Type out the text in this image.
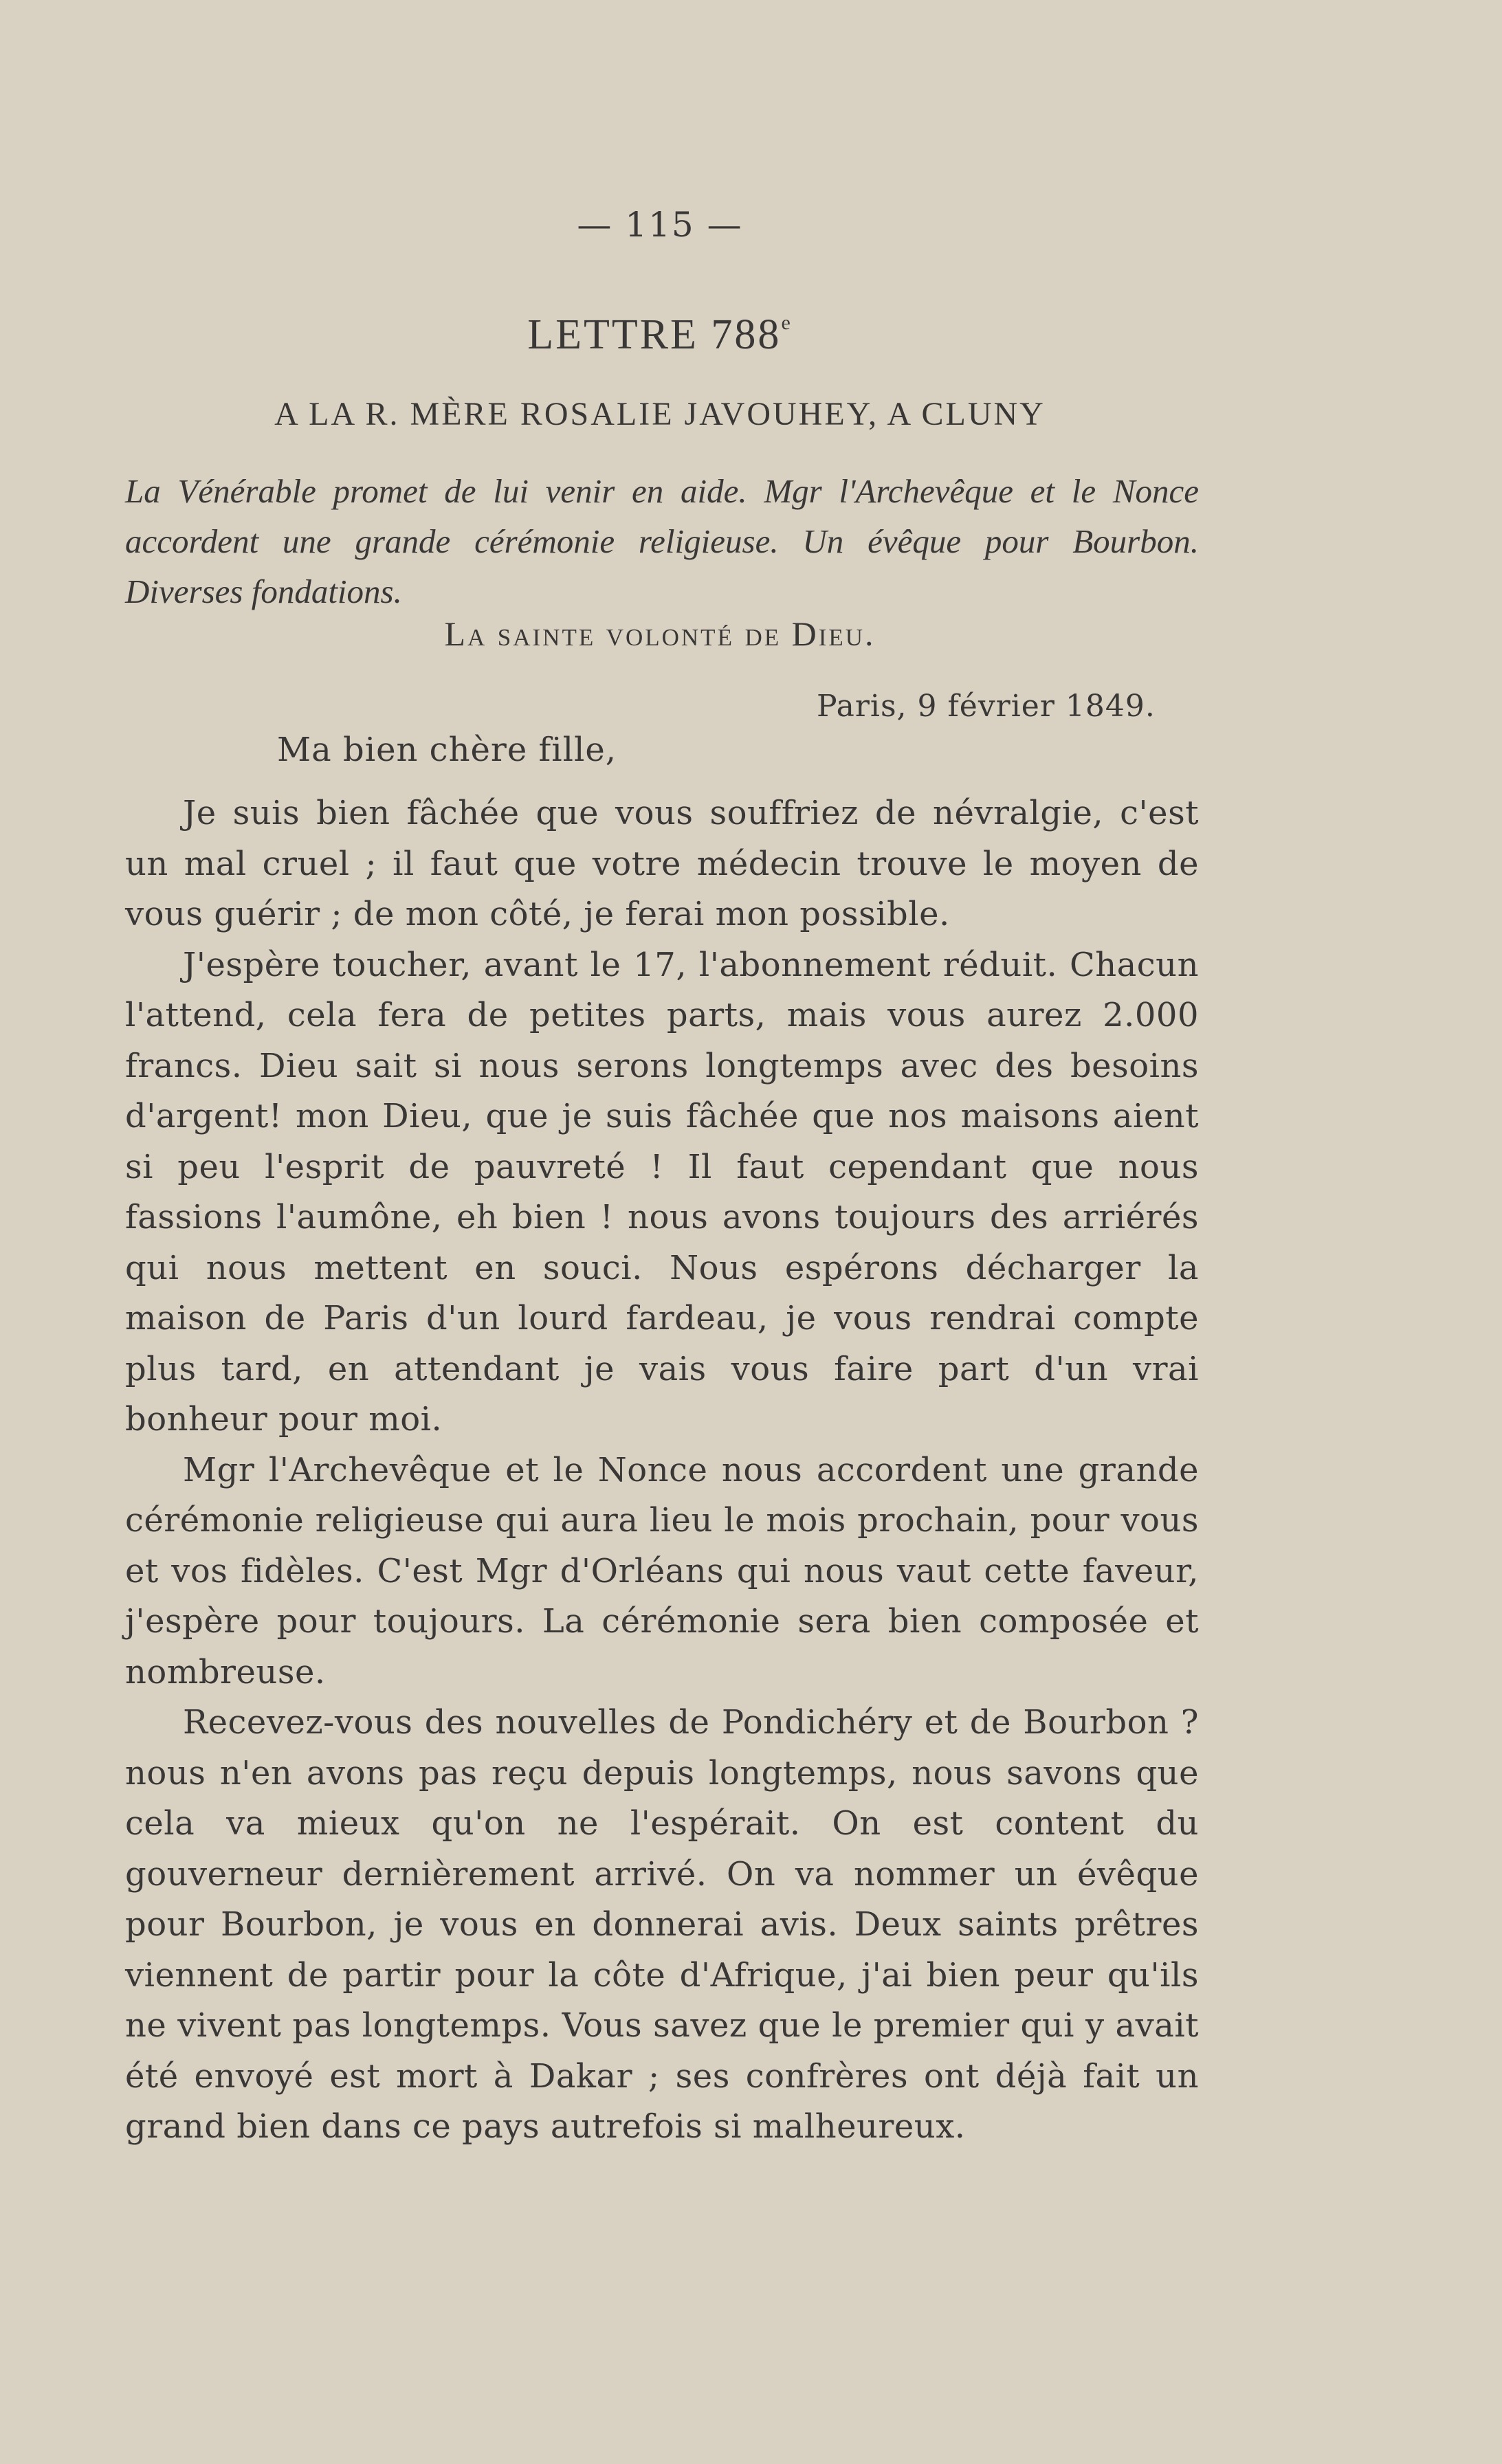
— 115 —
LETTRE 788e
A LA R. MÈRE ROSALIE JAVOUHEY, A CLUNY
La Vénérable promet de lui venir en aide. Mgr l'Archevêque et le Nonce accordent une grande cérémonie religieuse. Un évêque pour Bourbon. Diverses fondations.
La sainte volonté de Dieu.
Paris, 9 février 1849.
Ma bien chère fille,

Je suis bien fâchée que vous souffriez de névralgie, c'est un mal cruel ; il faut que votre médecin trouve le moyen de vous guérir ; de mon côté, je ferai mon possible.

J'espère toucher, avant le 17, l'abonnement réduit. Chacun l'attend, cela fera de petites parts, mais vous aurez 2.000 francs. Dieu sait si nous serons longtemps avec des besoins d'argent! mon Dieu, que je suis fâchée que nos maisons aient si peu l'esprit de pauvreté ! Il faut cependant que nous fassions l'aumône, eh bien ! nous avons toujours des arriérés qui nous mettent en souci. Nous espérons décharger la maison de Paris d'un lourd fardeau, je vous rendrai compte plus tard, en attendant je vais vous faire part d'un vrai bonheur pour moi.

Mgr l'Archevêque et le Nonce nous accordent une grande cérémonie religieuse qui aura lieu le mois prochain, pour vous et vos fidèles. C'est Mgr d'Orléans qui nous vaut cette faveur, j'espère pour toujours. La cérémonie sera bien composée et nombreuse.

Recevez-vous des nouvelles de Pondichéry et de Bourbon ? nous n'en avons pas reçu depuis longtemps, nous savons que cela va mieux qu'on ne l'espérait. On est content du gouverneur dernièrement arrivé. On va nommer un évêque pour Bourbon, je vous en donnerai avis. Deux saints prêtres viennent de partir pour la côte d'Afrique, j'ai bien peur qu'ils ne vivent pas longtemps. Vous savez que le premier qui y avait été envoyé est mort à Dakar ; ses confrères ont déjà fait un grand bien dans ce pays autrefois si malheureux.
